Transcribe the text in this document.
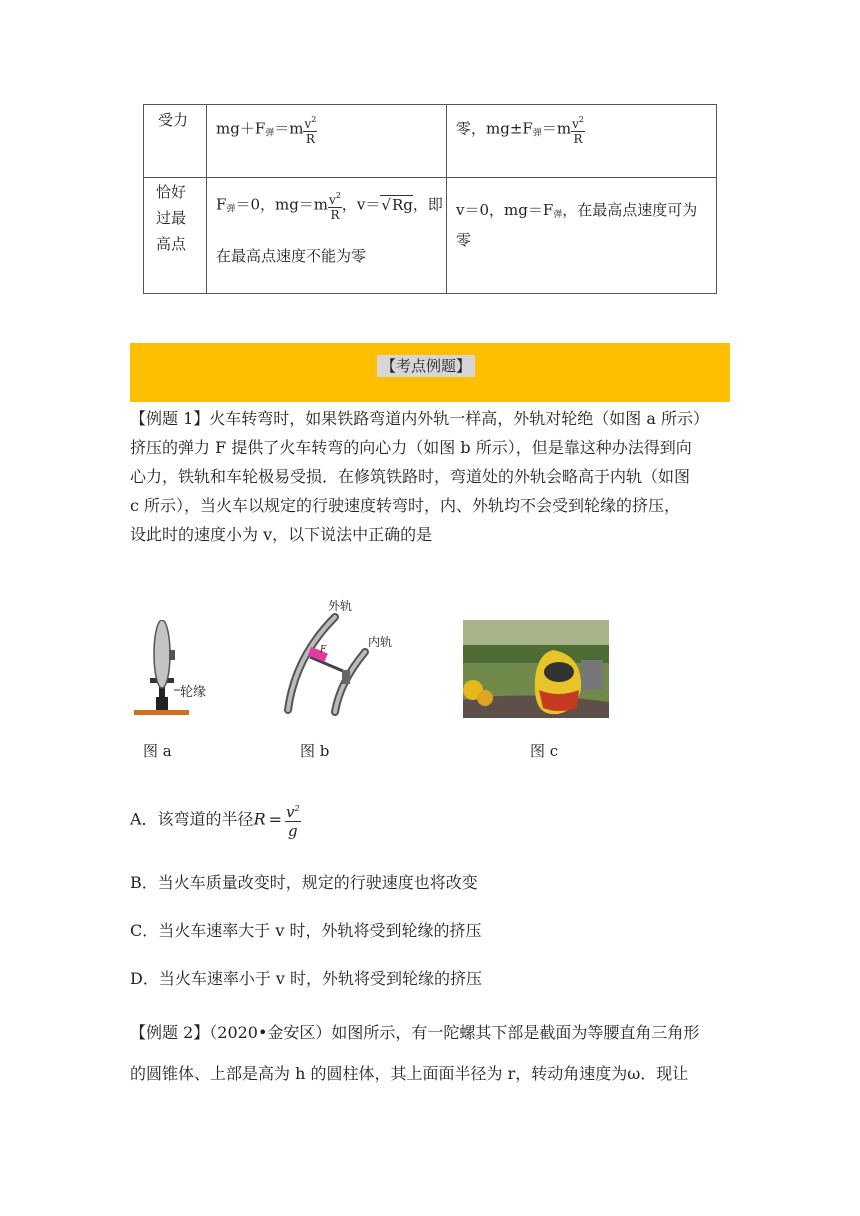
受力 $mg+F_弹=m \frac{v^2}{R}$	零，$mg\pm F_弹=m \frac{v^2}{R}$
恰好
过最
高点
$F_弹=0$，$mg=m \frac{v^2}{R}$ ，v＝√Rg，即
在最高点速度不能为零
v＝0，$mg=F_弹$，在最高点速度可为
零
【考点例题】
【例题 1】火车转弯时，如果铁路弯道内外轨一样高，外轨对轮绝（如图 a 所示）
挤压的弹力 F 提供了火车转弯的向心力（如图 b 所示），但是靠这种办法得到向
心力，铁轨和车轮极易受损．在修筑铁路时，弯道处的外轨会略高于内轨（如图
c 所示），当火车以规定的行驶速度转弯时，内、外轨均不会受到轮缘的挤压，
设此时的速度小为 v，以下说法中正确的是
轮缘
图 a
外轨
内轨
F
图 b	图 c
A．该弯道的半径$R = \frac{v^2}{g}$
B．当火车质量改变时，规定的行驶速度也将改变
C．当火车速率大于 v 时，外轨将受到轮缘的挤压
D．当火车速率小于 v 时，外轨将受到轮缘的挤压
【例题 2】（2020•金安区）如图所示，有一陀螺其下部是截面为等腰直角三角形
的圆锥体、上部是高为 h 的圆柱体，其上面面半径为 r，转动角速度为ω．现让
